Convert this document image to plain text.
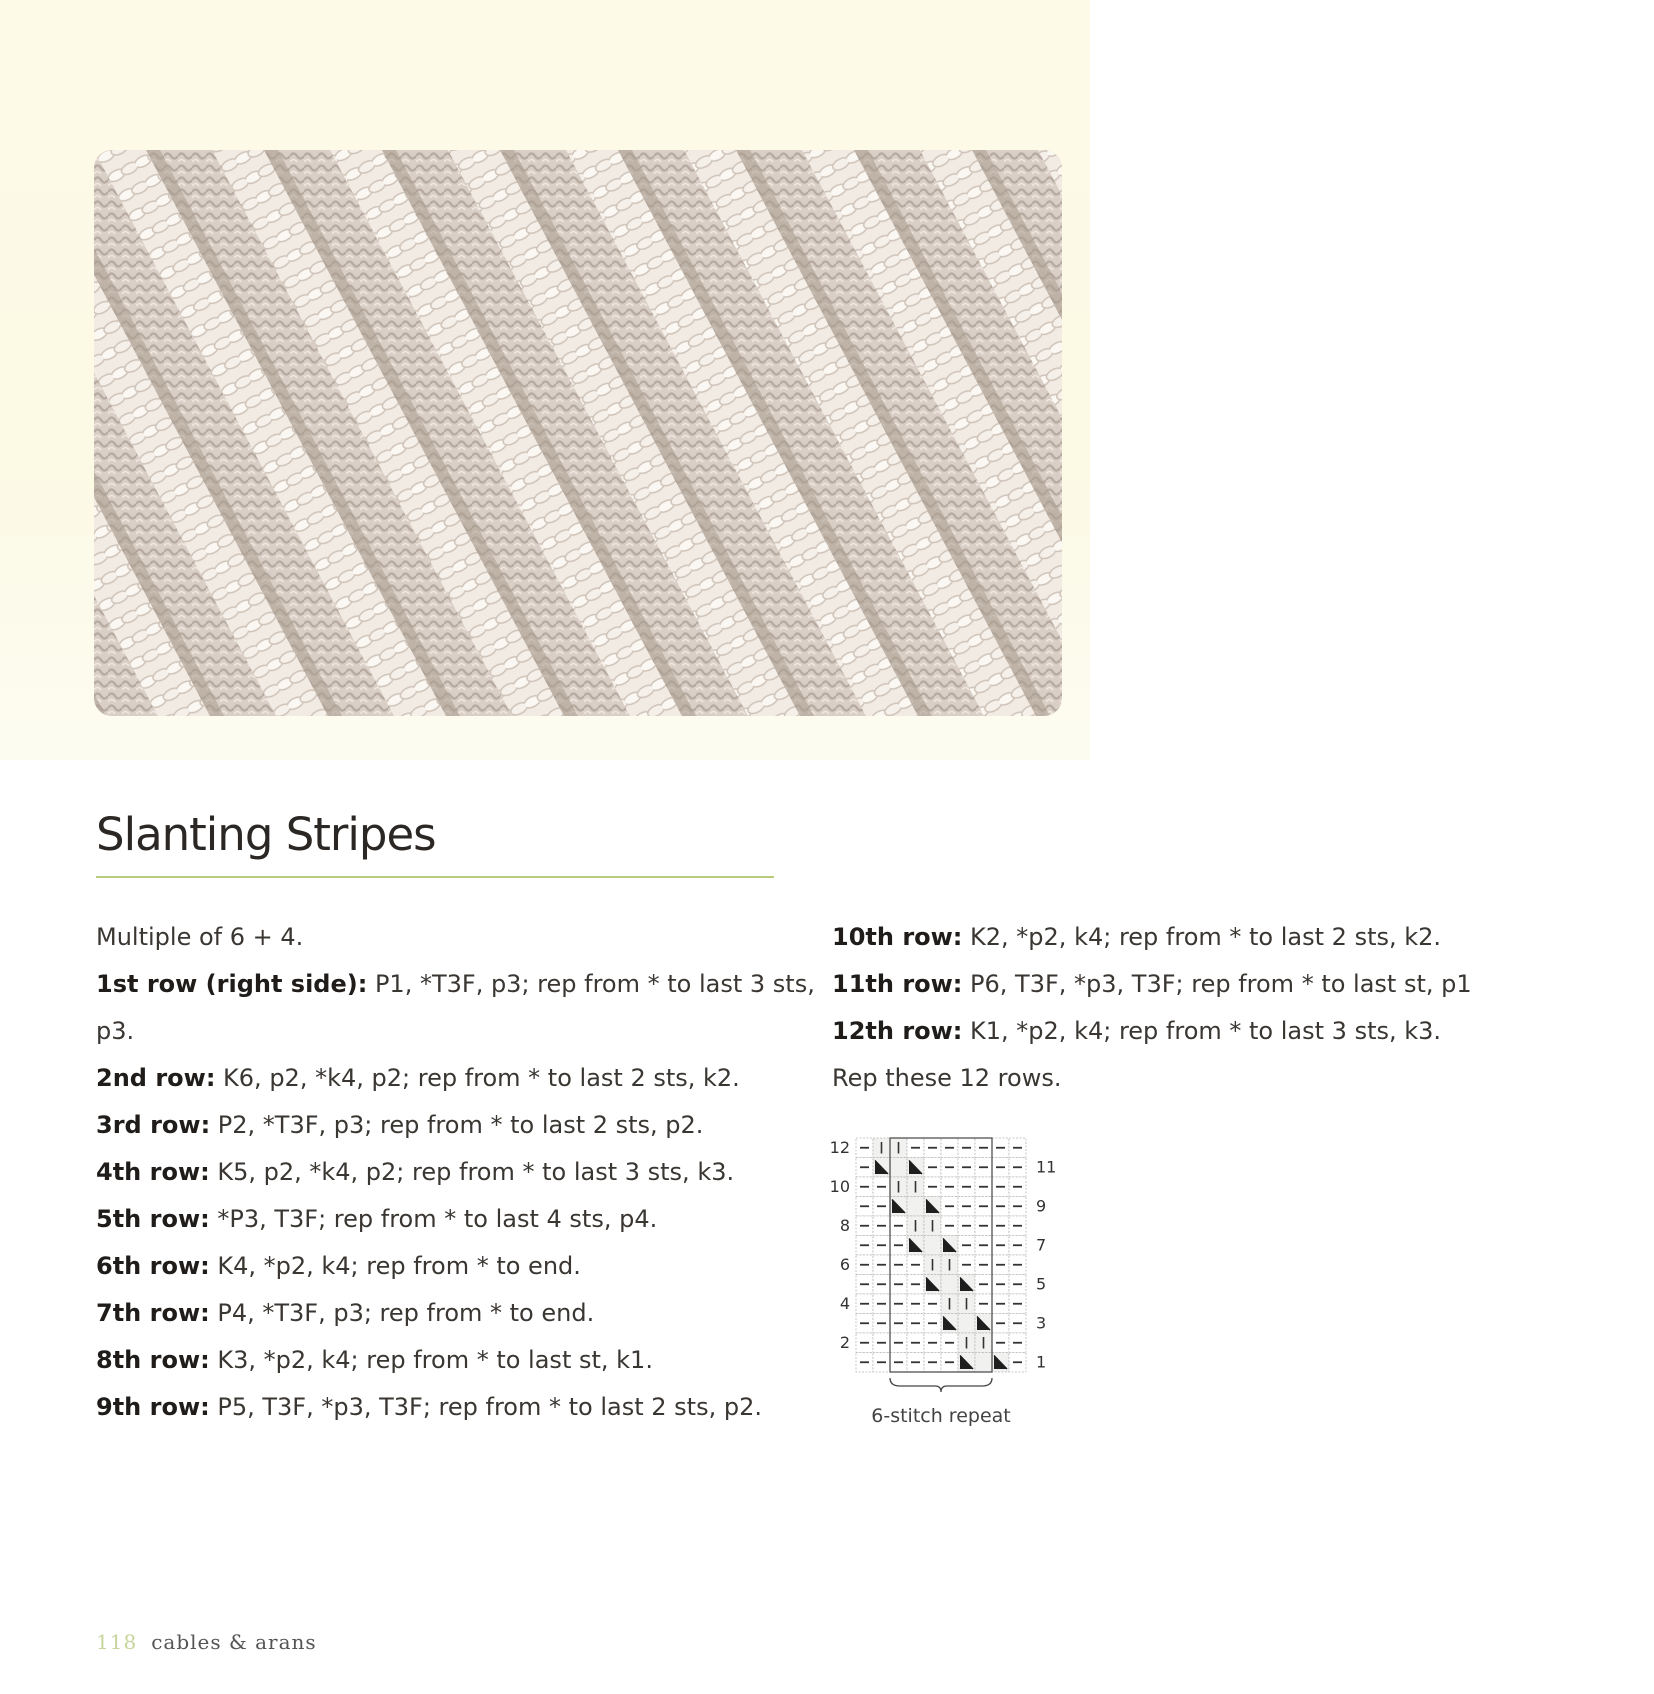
Slanting Stripes
Multiple of 6 + 4.
1st row (right side): P1, *T3F, p3; rep from * to last 3 sts,
p3.
2nd row: K6, p2, *k4, p2; rep from * to last 2 sts, k2.
3rd row: P2, *T3F, p3; rep from * to last 2 sts, p2.
4th row: K5, p2, *k4, p2; rep from * to last 3 sts, k3.
5th row: *P3, T3F; rep from * to last 4 sts, p4.
6th row: K4, *p2, k4; rep from * to end.
7th row: P4, *T3F, p3; rep from * to end.
8th row: K3, *p2, k4; rep from * to last st, k1.
9th row: P5, T3F, *p3, T3F; rep from * to last 2 sts, p2.
10th row: K2, *p2, k4; rep from * to last 2 sts, k2.
11th row: P6, T3F, *p3, T3F; rep from * to last st, p1
12th row: K1, *p2, k4; rep from * to last 3 sts, k3.
Rep these 12 rows.
12
10
8
6
4
2
11
9
7
5
3
1
6-stitch repeat
118 cables & arans
